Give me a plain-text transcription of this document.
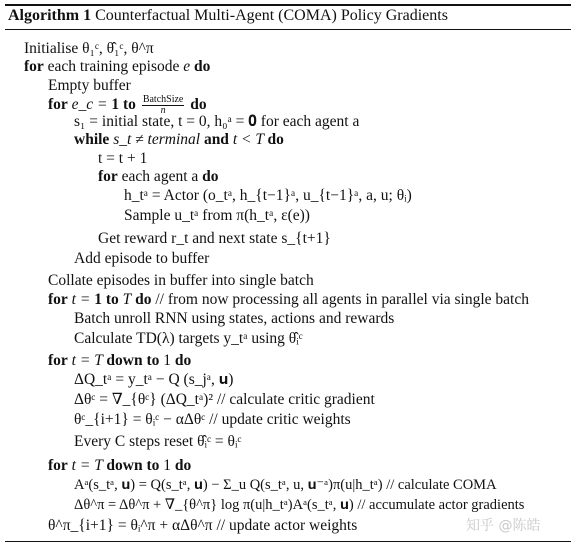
Algorithm 1 Counterfactual Multi-Agent (COMA) Policy Gradients
Initialise θ₁ᶜ, θ̂₁ᶜ, θ^π
for each training episode e do
Empty buffer
for e_c = 1 to $\frac{\text{BatchSize}}{n}$ do
s₁ = initial state, t = 0, h₀ᵃ = 𝟎 for each agent a
while s_t ≠ terminal and t < T do
t = t + 1
for each agent a do
h_tᵃ = Actor (o_tᵃ, h_{t−1}ᵃ, u_{t−1}ᵃ, a, u; θᵢ)
Sample u_tᵃ from π(h_tᵃ, ε(e))
Get reward r_t and next state s_{t+1}
Add episode to buffer
Collate episodes in buffer into single batch
for t = 1 to T do // from now processing all agents in parallel via single batch
Batch unroll RNN using states, actions and rewards
Calculate TD(λ) targets y_tᵃ using θ̂ᵢᶜ
for t = T down to 1 do
ΔQ_tᵃ = y_tᵃ − Q (s_jᵃ, 𝐮)
Δθᶜ = ∇_{θᶜ} (ΔQ_tᵃ)² // calculate critic gradient
θᶜ_{i+1} = θᵢᶜ − αΔθᶜ // update critic weights
Every C steps reset θ̂ᵢᶜ = θᵢᶜ
for t = T down to 1 do
Aᵃ(s_tᵃ, 𝐮) = Q(s_tᵃ, 𝐮) − Σ_u Q(s_tᵃ, u, 𝐮⁻ᵃ)π(u|h_tᵃ) // calculate COMA
Δθ^π = Δθ^π + ∇_{θ^π} log π(u|h_tᵃ)Aᵃ(s_tᵃ, 𝐮) // accumulate actor gradients
θ^π_{i+1} = θᵢ^π + αΔθ^π // update actor weights	知乎 @陈皓
